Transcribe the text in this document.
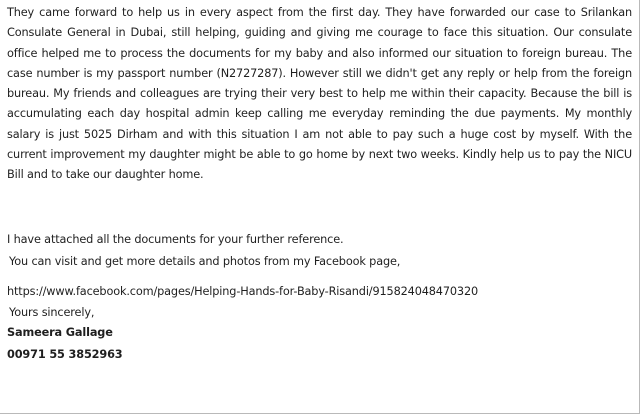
They came forward to help us in every aspect from the first day. They have forwarded our case to Srilankan Consulate General in Dubai, still helping, guiding and giving me courage to face this situation. Our consulate office helped me to process the documents for my baby and also informed our situation to foreign bureau. The case number is my passport number (N2727287). However still we didn't get any reply or help from the foreign bureau. My friends and colleagues are trying their very best to help me within their capacity. Because the bill is accumulating each day hospital admin keep calling me everyday reminding the due payments. My monthly salary is just 5025 Dirham and with this situation I am not able to pay such a huge cost by myself. With the current improvement my daughter might be able to go home by next two weeks. Kindly help us to pay the NICU Bill and to take our daughter home.

I have attached all the documents for your further reference.

You can visit and get more details and photos from my Facebook page,

https://www.facebook.com/pages/Helping-Hands-for-Baby-Risandi/915824048470320

Yours sincerely,

Sameera Gallage

00971 55 3852963
